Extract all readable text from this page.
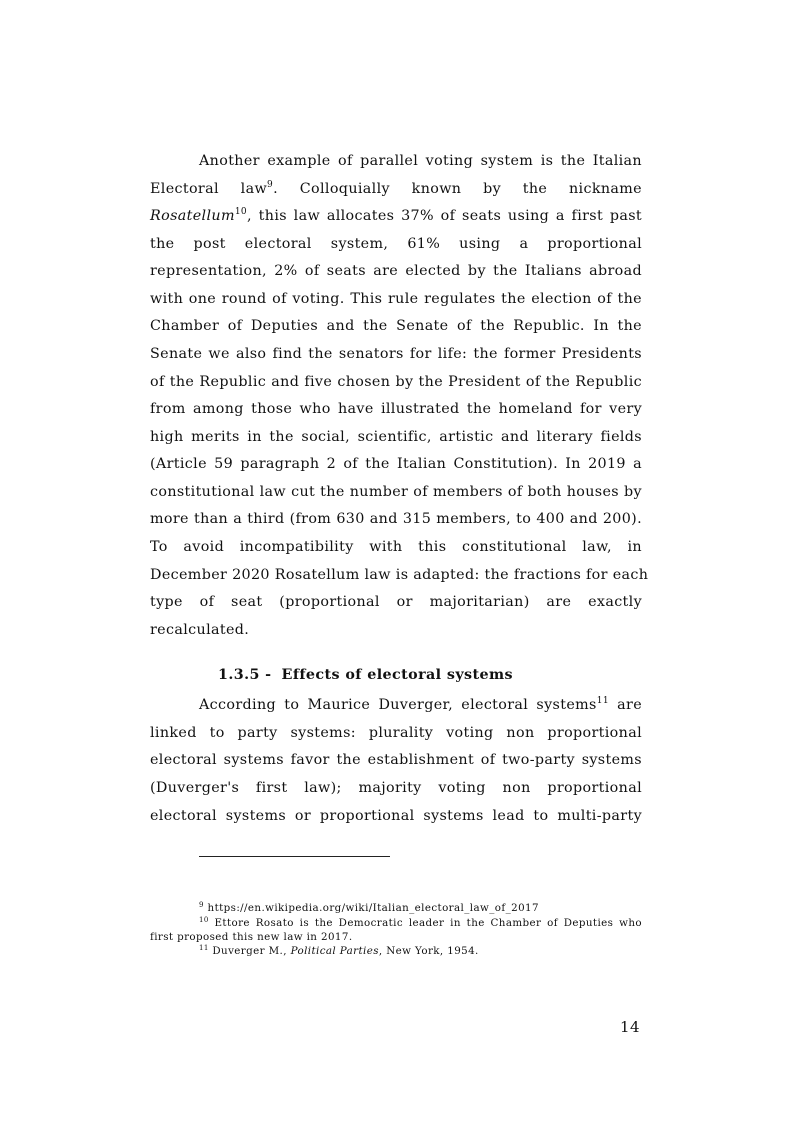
Another example of parallel voting system is the Italian
Electoral law$^9$. Colloquially known by the nickname
Rosatellum$^{10}$, this law allocates 37% of seats using a first past
the post electoral system, 61% using a proportional
representation, 2% of seats are elected by the Italians abroad
with one round of voting. This rule regulates the election of the
Chamber of Deputies and the Senate of the Republic. In the
Senate we also find the senators for life: the former Presidents
of the Republic and five chosen by the President of the Republic
from among those who have illustrated the homeland for very
high merits in the social, scientific, artistic and literary fields
(Article 59 paragraph 2 of the Italian Constitution). In 2019 a
constitutional law cut the number of members of both houses by
more than a third (from 630 and 315 members, to 400 and 200).
To avoid incompatibility with this constitutional law, in
December 2020 Rosatellum law is adapted: the fractions for each
type of seat (proportional or majoritarian) are exactly
recalculated.
1.3.5 - Effects of electoral systems
According to Maurice Duverger, electoral systems$^{11}$ are
linked to party systems: plurality voting non proportional
electoral systems favor the establishment of two-party systems
(Duverger's first law); majority voting non proportional
electoral systems or proportional systems lead to multi-party
$^9$ https://en.wikipedia.org/wiki/Italian_electoral_law_of_2017
$^{10}$ Ettore Rosato is the Democratic leader in the Chamber of Deputies who
first proposed this new law in 2017.
$^{11}$ Duverger M., Political Parties, New York, 1954.
14
